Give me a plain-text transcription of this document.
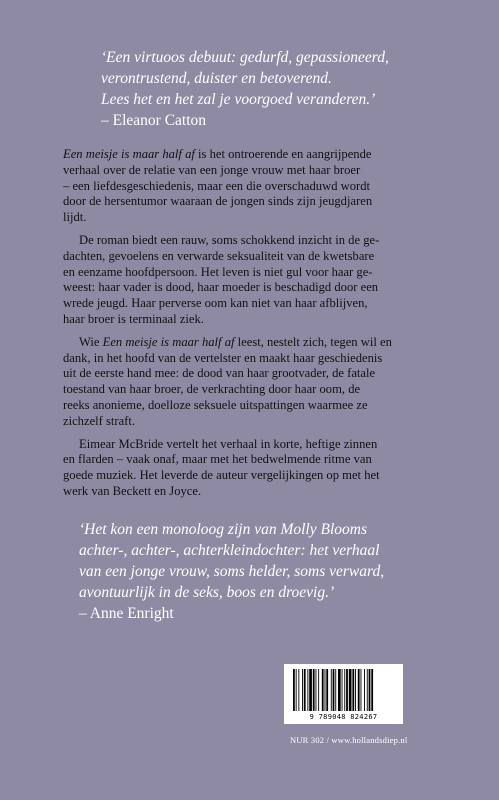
‘Een virtuoos debuut: gedurfd, gepassioneerd,
verontrustend, duister en betoverend.
Lees het en het zal je voorgoed veranderen.’
– Eleanor Catton

Een meisje is maar half af is het ontroerende en aangrijpende
verhaal over de relatie van een jonge vrouw met haar broer
– een liefdesgeschiedenis, maar een die overschaduwd wordt
door de hersentumor waaraan de jongen sinds zijn jeugdjaren
lijdt.

De roman biedt een rauw, soms schokkend inzicht in de ge-
dachten, gevoelens en verwarde seksualiteit van de kwetsbare
en eenzame hoofdpersoon. Het leven is niet gul voor haar ge-
weest: haar vader is dood, haar moeder is beschadigd door een
wrede jeugd. Haar perverse oom kan niet van haar afblijven,
haar broer is terminaal ziek.

Wie Een meisje is maar half af leest, nestelt zich, tegen wil en
dank, in het hoofd van de vertelster en maakt haar geschiedenis
uit de eerste hand mee: de dood van haar grootvader, de fatale
toestand van haar broer, de verkrachting door haar oom, de
reeks anonieme, doelloze seksuele uitspattingen waarmee ze
zichzelf straft.

Eimear McBride vertelt het verhaal in korte, heftige zinnen
en flarden – vaak onaf, maar met het bedwelmende ritme van
goede muziek. Het leverde de auteur vergelijkingen op met het
werk van Beckett en Joyce.

‘Het kon een monoloog zijn van Molly Blooms
achter-, achter-, achterkleindochter: het verhaal
van een jonge vrouw, soms helder, soms verward,
avontuurlijk in de seks, boos en droevig.’
– Anne Enright
9 789048 824267
NUR 302 / www.hollandsdiep.nl
